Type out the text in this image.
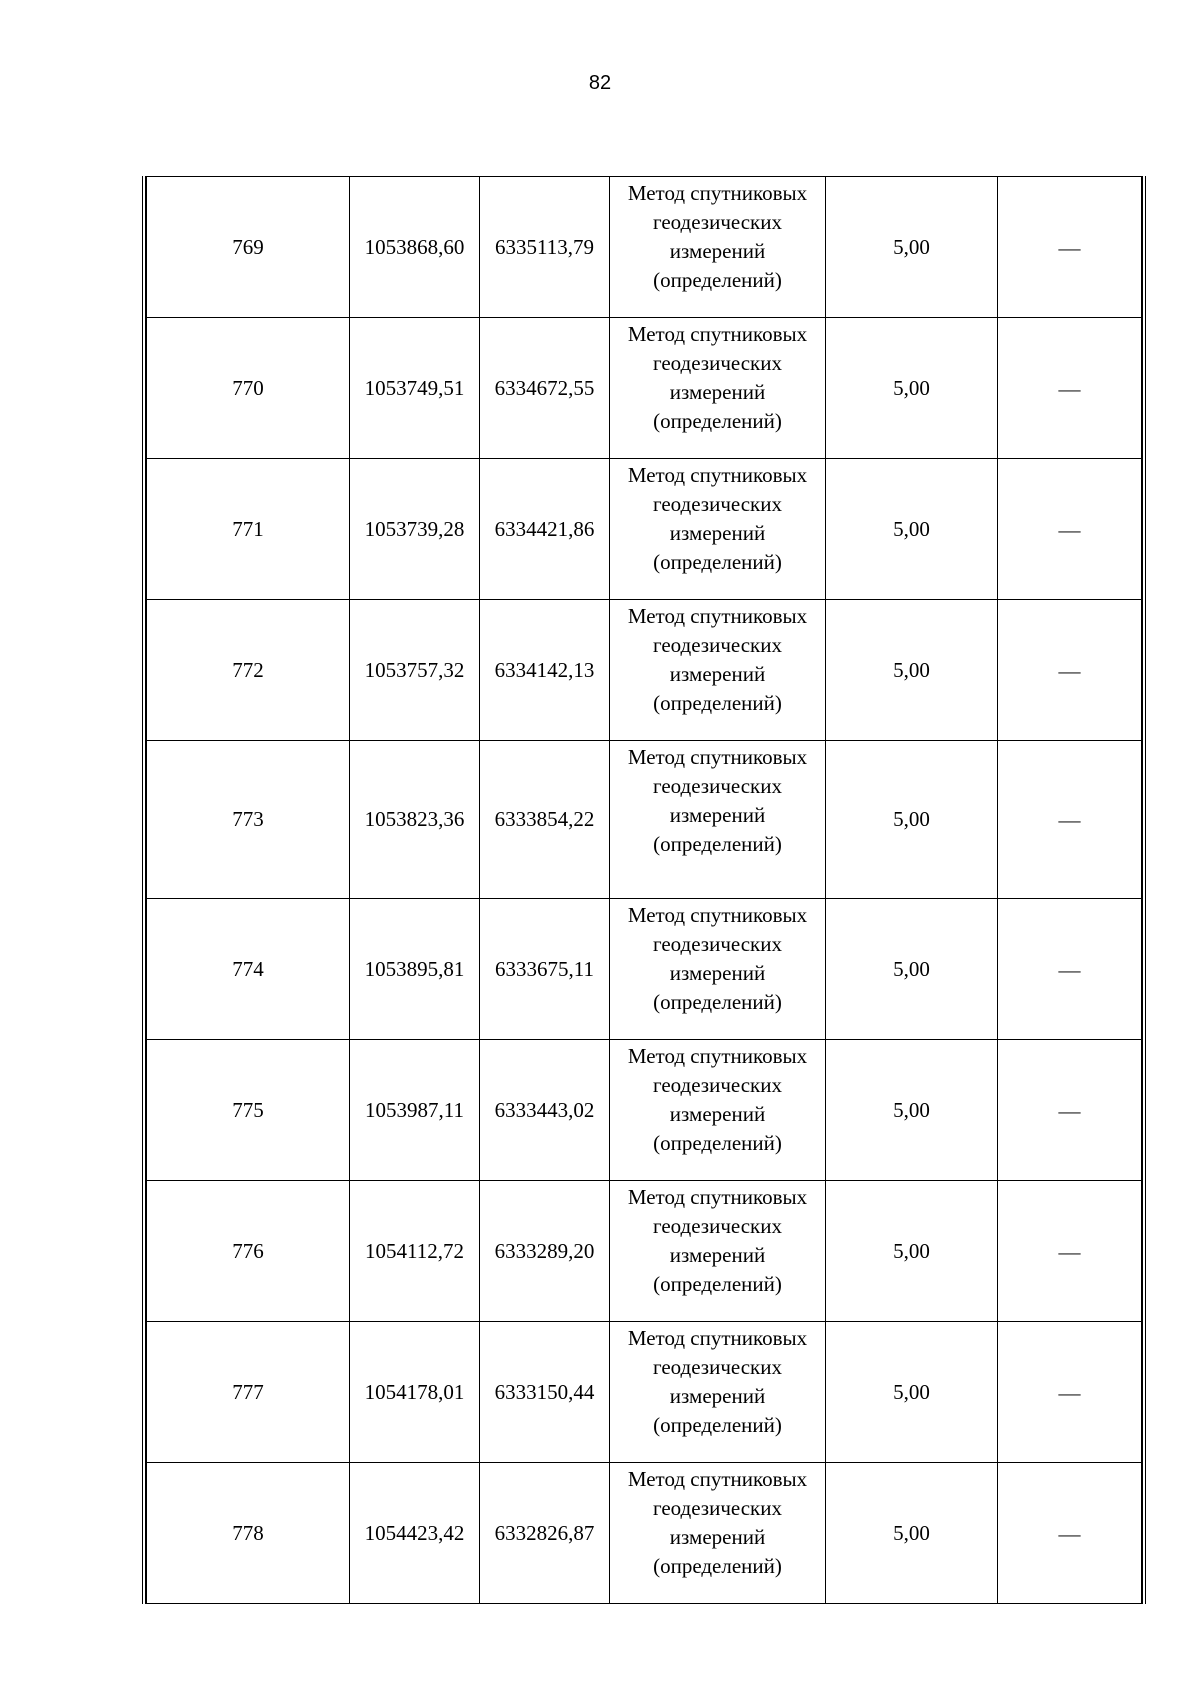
82
769	1053868,60	6335113,79	Метод спутниковых
геодезических
измерений
(определений)	5,00	—
770	1053749,51	6334672,55	Метод спутниковых
геодезических
измерений
(определений)	5,00	—
771	1053739,28	6334421,86	Метод спутниковых
геодезических
измерений
(определений)	5,00	—
772	1053757,32	6334142,13	Метод спутниковых
геодезических
измерений
(определений)	5,00	—
773	1053823,36	6333854,22	Метод спутниковых
геодезических
измерений
(определений)	5,00	—
774	1053895,81	6333675,11	Метод спутниковых
геодезических
измерений
(определений)	5,00	—
775	1053987,11	6333443,02	Метод спутниковых
геодезических
измерений
(определений)	5,00	—
776	1054112,72	6333289,20	Метод спутниковых
геодезических
измерений
(определений)	5,00	—
777	1054178,01	6333150,44	Метод спутниковых
геодезических
измерений
(определений)	5,00	—
778	1054423,42	6332826,87	Метод спутниковых
геодезических
измерений
(определений)	5,00	—
